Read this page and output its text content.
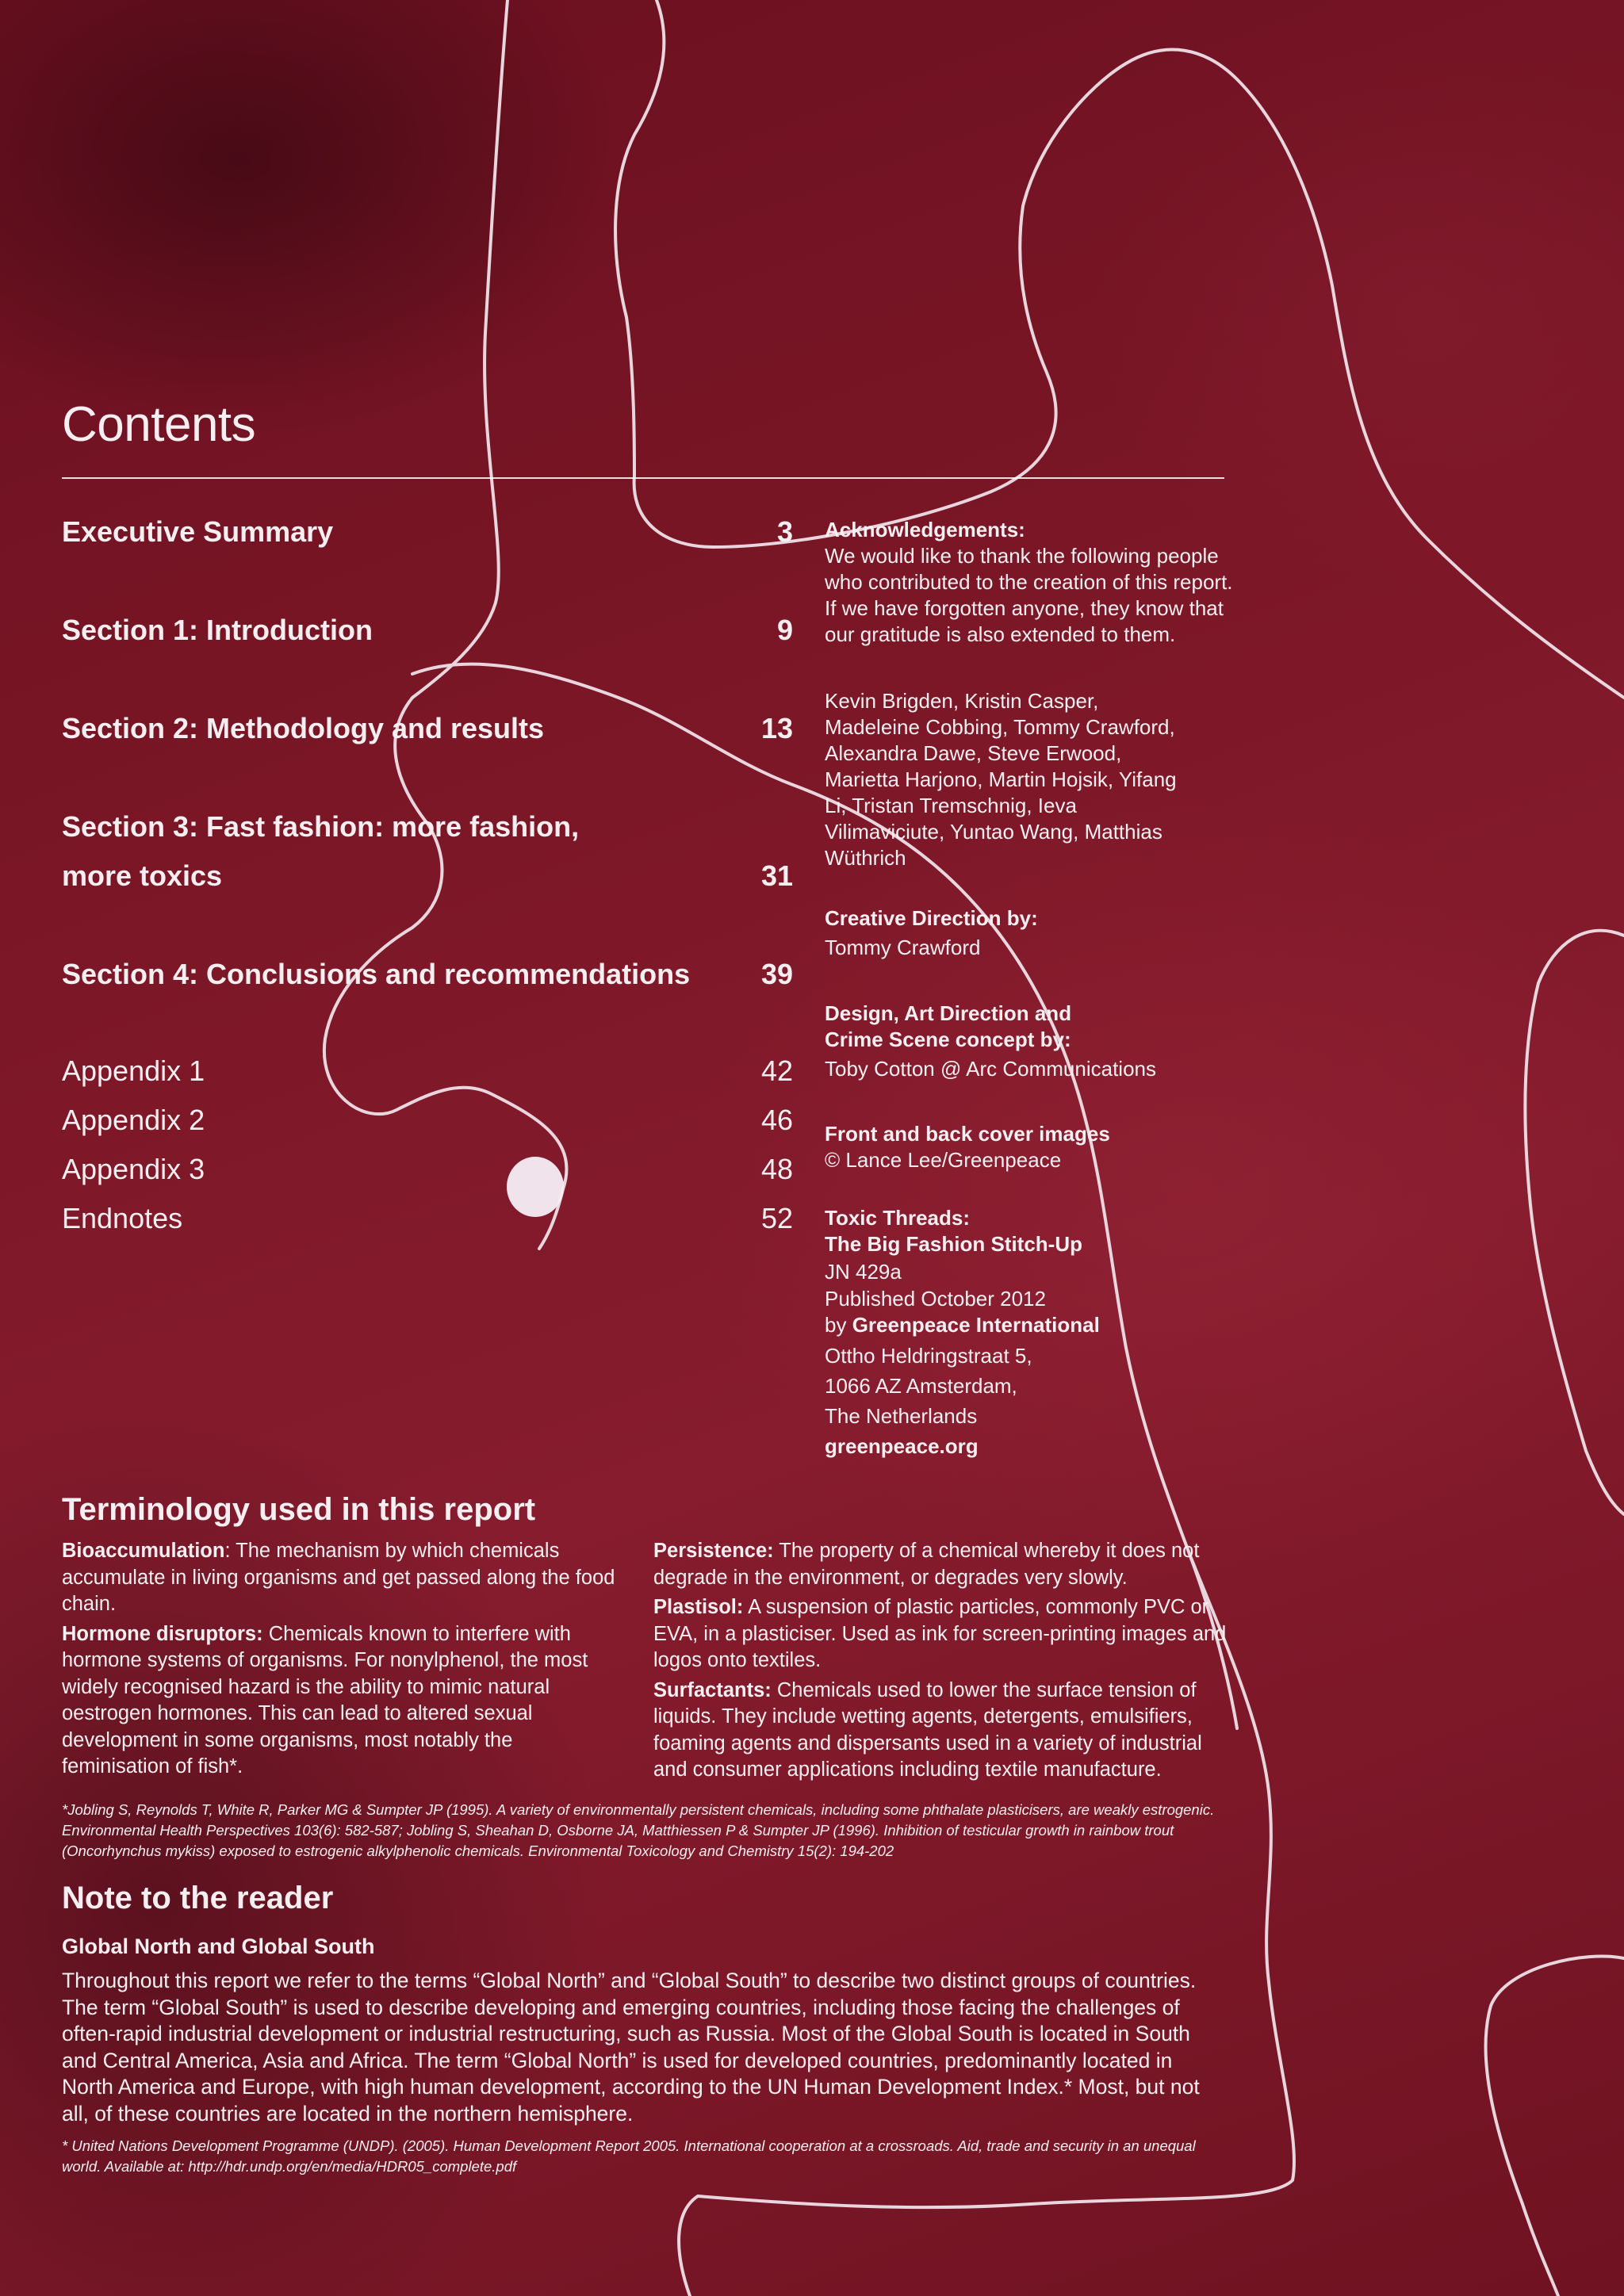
Contents
Executive Summary	3
Section 1: Introduction	9
Section 2: Methodology and results	13
Section 3: Fast fashion: more fashion,
more toxics	31
Section 4: Conclusions and recommendations 39
Appendix 1	42
Appendix 2	46
Appendix 3	48
Endnotes	52
Acknowledgements:
We would like to thank the following people who contributed to the creation of this report. If we have forgotten anyone, they know that our gratitude is also extended to them.
Kevin Brigden, Kristin Casper, Madeleine Cobbing, Tommy Crawford, Alexandra Dawe, Steve Erwood, Marietta Harjono, Martin Hojsik, Yifang Li, Tristan Tremschnig, Ieva Vilimaviciute, Yuntao Wang, Matthias Wüthrich
Creative Direction by:
Tommy Crawford
Design, Art Direction and
Crime Scene concept by:
Toby Cotton @ Arc Communications
Front and back cover images
© Lance Lee/Greenpeace
Toxic Threads:
The Big Fashion Stitch-Up
JN 429a
Published October 2012
by Greenpeace International
Ottho Heldringstraat 5,
1066 AZ Amsterdam,
The Netherlands
greenpeace.org
Terminology used in this report

Bioaccumulation: The mechanism by which chemicals accumulate in living organisms and get passed along the food chain.

Hormone disruptors: Chemicals known to interfere with hormone systems of organisms. For nonylphenol, the most widely recognised hazard is the ability to mimic natural oestrogen hormones. This can lead to altered sexual development in some organisms, most notably the feminisation of fish*.

Persistence: The property of a chemical whereby it does not degrade in the environment, or degrades very slowly.

Plastisol: A suspension of plastic particles, commonly PVC or EVA, in a plasticiser. Used as ink for screen-printing images and logos onto textiles.

Surfactants: Chemicals used to lower the surface tension of liquids. They include wetting agents, detergents, emulsifiers, foaming agents and dispersants used in a variety of industrial and consumer applications including textile manufacture.

*Jobling S, Reynolds T, White R, Parker MG & Sumpter JP (1995). A variety of environmentally persistent chemicals, including some phthalate plasticisers, are weakly estrogenic. Environmental Health Perspectives 103(6): 582-587; Jobling S, Sheahan D, Osborne JA, Matthiessen P & Sumpter JP (1996). Inhibition of testicular growth in rainbow trout (Oncorhynchus mykiss) exposed to estrogenic alkylphenolic chemicals. Environmental Toxicology and Chemistry 15(2): 194-202
Note to the reader
Global North and Global South
Throughout this report we refer to the terms “Global North” and “Global South” to describe two distinct groups of countries. The term “Global South” is used to describe developing and emerging countries, including those facing the challenges of often-rapid industrial development or industrial restructuring, such as Russia. Most of the Global South is located in South and Central America, Asia and Africa. The term “Global North” is used for developed countries, predominantly located in North America and Europe, with high human development, according to the UN Human Development Index.* Most, but not all, of these countries are located in the northern hemisphere.
* United Nations Development Programme (UNDP). (2005). Human Development Report 2005. International cooperation at a crossroads. Aid, trade and security in an unequal world. Available at: http://hdr.undp.org/en/media/HDR05_complete.pdf
